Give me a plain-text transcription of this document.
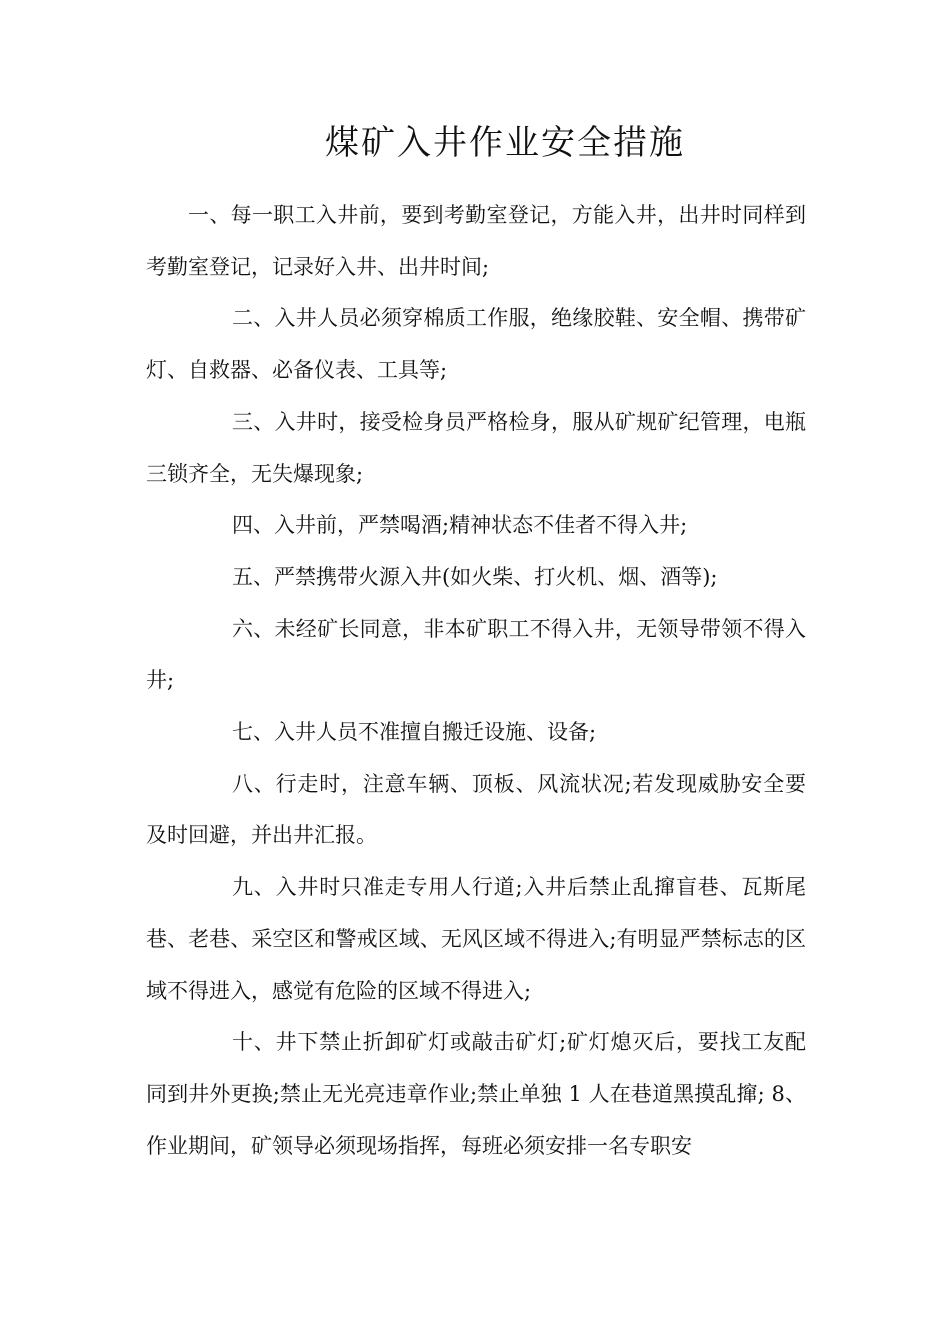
煤矿入井作业安全措施

一、每一职工入井前，要到考勤室登记，方能入井，出井时同样到考勤室登记，记录好入井、出井时间;

二、入井人员必须穿棉质工作服，绝缘胶鞋、安全帽、携带矿灯、自救器、必备仪表、工具等;

三、入井时，接受检身员严格检身，服从矿规矿纪管理，电瓶三锁齐全，无失爆现象;

四、入井前，严禁喝酒;精神状态不佳者不得入井;

五、严禁携带火源入井(如火柴、打火机、烟、酒等);

六、未经矿长同意，非本矿职工不得入井，无领导带领不得入井;

七、入井人员不准擅自搬迁设施、设备;

八、行走时，注意车辆、顶板、风流状况;若发现威胁安全要及时回避，并出井汇报。

九、入井时只准走专用人行道;入井后禁止乱撺盲巷、瓦斯尾巷、老巷、采空区和警戒区域、无风区域不得进入;有明显严禁标志的区域不得进入，感觉有危险的区域不得进入;

十、井下禁止折卸矿灯或敲击矿灯;矿灯熄灭后，要找工友配同到井外更换;禁止无光亮违章作业;禁止单独 1 人在巷道黑摸乱撺; 8、作业期间，矿领导必须现场指挥，每班必须安排一名专职安
